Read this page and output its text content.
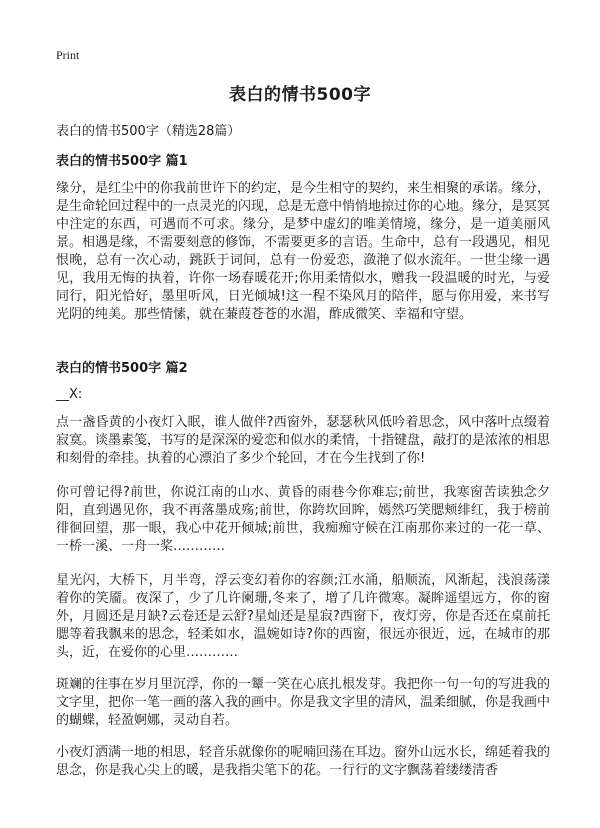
Print
表白的情书500字
表白的情书500字（精选28篇）
表白的情书500字 篇1

缘分，是红尘中的你我前世许下的约定，是今生相守的契约，来生相聚的承诺。缘分，是生命轮回过程中的一点灵光的闪现，总是无意中悄悄地掠过你的心地。缘分，是冥冥中注定的东西，可遇而不可求。缘分，是梦中虚幻的唯美情境，缘分，是一道美丽风景。相遇是缘，不需要刻意的修饰，不需要更多的言语。生命中，总有一段遇见，相见恨晚，总有一次心动，跳跃于词间，总有一份爱恋，潋滟了似水流年。一世尘缘一遇见，我用无悔的执着，许你一场春暖花开;你用柔情似水，赠我一段温暖的时光，与爱同行，阳光恰好，墨里听风，日光倾城!这一程不染风月的陪伴，愿与你用爱，来书写光阴的纯美。那些情愫，就在蒹葭苍苍的水湄，酢成微笑、幸福和守望。

表白的情书500字 篇2
__X:

点一盏昏黄的小夜灯入眠，谁人做伴?西窗外，瑟瑟秋风低吟着思念，风中落叶点缀着寂寞。谈墨素笺，书写的是深深的爱恋和似水的柔情，十指键盘，敲打的是浓浓的相思和刻骨的牵挂。执着的心漂泊了多少个轮回，才在今生找到了你!

你可曾记得?前世，你说江南的山水、黄昏的雨巷今你难忘;前世，我寒窗苦读独念夕阳，直到遇见你，我不再落墨成殇;前世，你跨坎回眸，嫣然巧笑腮颊绯红，我于榜前徘徊回望，那一眼，我心中花开倾城;前世，我痴痴守候在江南那你来过的一花一草、一桥一溪、一舟一桨…………

星光闪，大桥下，月半弯，浮云变幻着你的容颜;江水涌，船顺流，风渐起，浅浪荡漾着你的笑靥。夜深了，少了几许阑珊,冬来了，增了几许微寒。凝眸遥望远方，你的窗外，月圆还是月缺?云卷还是云舒?星灿还是星寂?西窗下，夜灯旁，你是否还在桌前托腮等着我飘来的思念，轻柔如水，温婉如诗?你的西窗，很远亦很近，远，在城市的那头，近，在爱你的心里…………

斑斓的往事在岁月里沉浮，你的一颦一笑在心底扎根发芽。我把你一句一句的写进我的文字里，把你一笔一画的落入我的画中。你是我文字里的清风，温柔细腻，你是我画中的蝴蝶，轻盈婀娜，灵动自若。

小夜灯洒满一地的相思，轻音乐就像你的呢喃回荡在耳边。窗外山远水长，绵延着我的思念，你是我心尖上的暖，是我指尖笔下的花。一行行的文字飘荡着缕缕清香
